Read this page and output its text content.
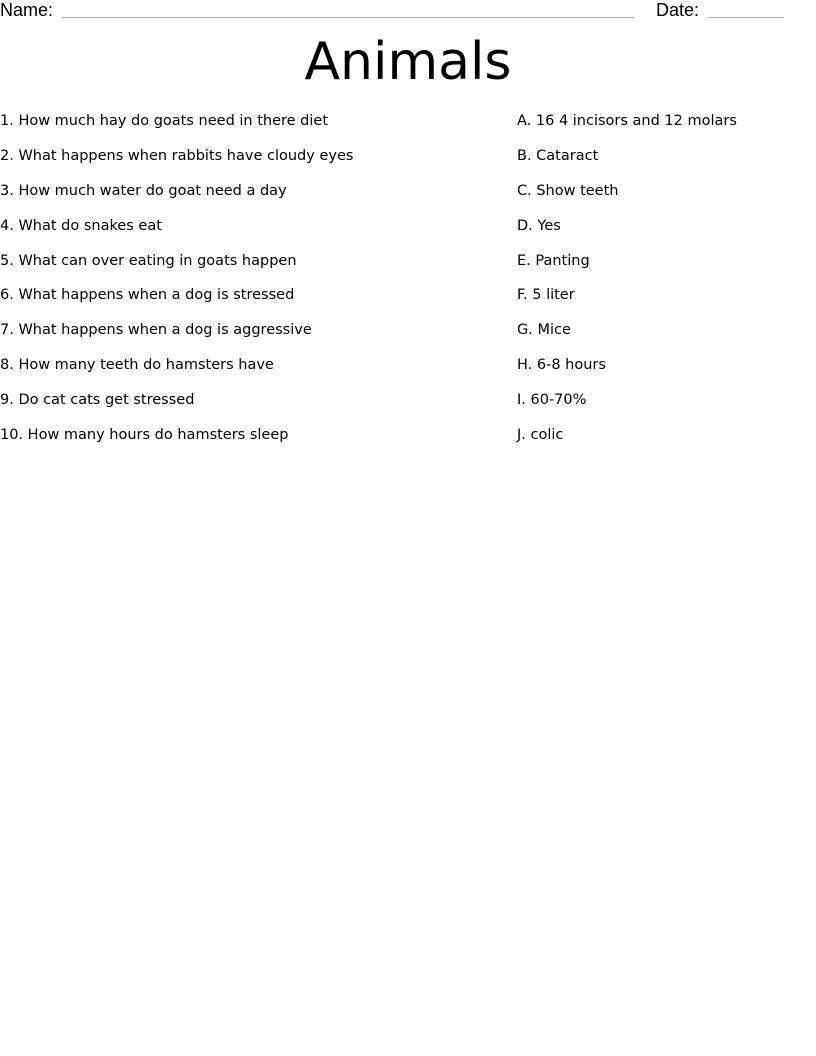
Name:	Date:
Animals
1. How much hay do goats need in there diet
2. What happens when rabbits have cloudy eyes
3. How much water do goat need a day
4. What do snakes eat
5. What can over eating in goats happen
6. What happens when a dog is stressed
7. What happens when a dog is aggressive
8. How many teeth do hamsters have
9. Do cat cats get stressed
10. How many hours do hamsters sleep
A. 16 4 incisors and 12 molars
B. Cataract
C. Show teeth
D. Yes
E. Panting
F. 5 liter
G. Mice
H. 6-8 hours
I. 60-70%
J. colic
